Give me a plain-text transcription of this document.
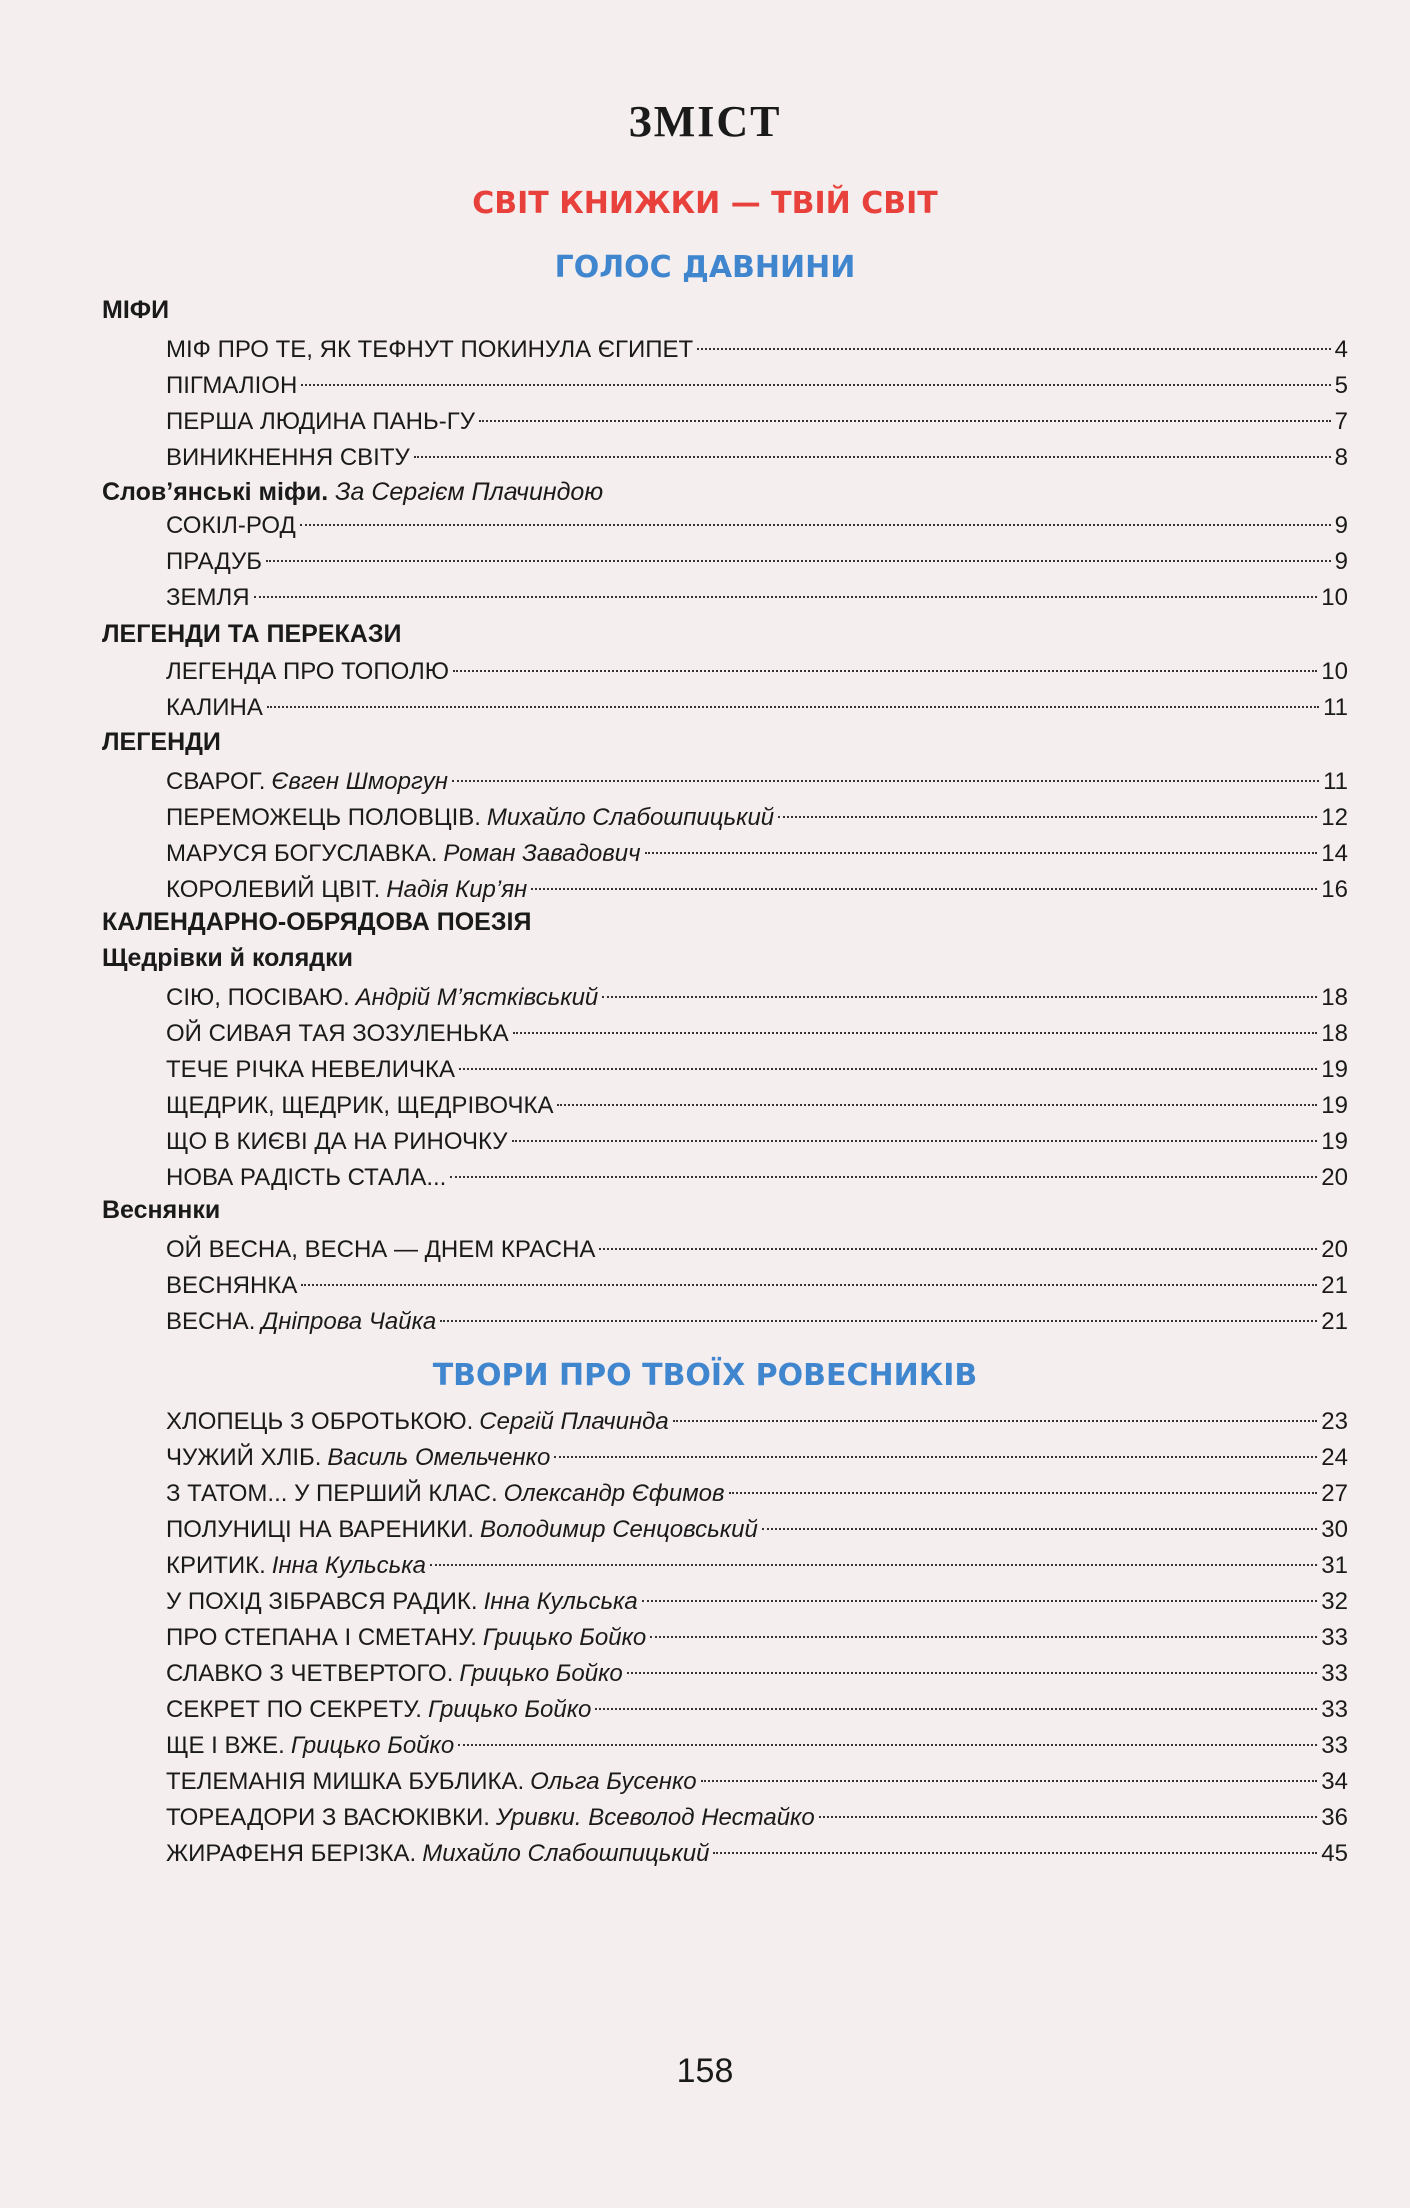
ЗМІСТ
СВІТ КНИЖКИ — ТВІЙ СВІТ
ГОЛОС ДАВНИНИ
МІФИ
МІФ ПРО ТЕ, ЯК ТЕФНУТ ПОКИНУЛА ЄГИПЕТ	4
ПІГМАЛІОН	5
ПЕРША ЛЮДИНА ПАНЬ-ГУ	7
ВИНИКНЕННЯ СВІТУ	8
Слов’янські міфи. За Сергієм Плачиндою
СОКІЛ-РОД	9
ПРАДУБ	9
ЗЕМЛЯ	10
ЛЕГЕНДИ ТА ПЕРЕКАЗИ
ЛЕГЕНДА ПРО ТОПОЛЮ	10
КАЛИНА	11
ЛЕГЕНДИ
СВАРОГ. Євген Шморгун	11
ПЕРЕМОЖЕЦЬ ПОЛОВЦІВ. Михайло Слабошпицький	12
МАРУСЯ БОГУСЛАВКА. Роман Завадович	14
КОРОЛЕВИЙ ЦВІТ. Надія Кир’ян	16
КАЛЕНДАРНО-ОБРЯДОВА ПОЕЗІЯ
Щедрівки й колядки
СІЮ, ПОСІВАЮ. Андрій М’ястківський	18
ОЙ СИВАЯ ТАЯ ЗОЗУЛЕНЬКА	18
ТЕЧЕ РІЧКА НЕВЕЛИЧКА	19
ЩЕДРИК, ЩЕДРИК, ЩЕДРІВОЧКА	19
ЩО В КИЄВІ ДА НА РИНОЧКУ	19
НОВА РАДІСТЬ СТАЛА...	20
Веснянки
ОЙ ВЕСНА, ВЕСНА — ДНЕМ КРАСНА	20
ВЕСНЯНКА	21
ВЕСНА. Дніпрова Чайка	21
ТВОРИ ПРО ТВОЇХ РОВЕСНИКІВ
ХЛОПЕЦЬ З ОБРОТЬКОЮ. Сергій Плачинда	23
ЧУЖИЙ ХЛІБ. Василь Омельченко	24
З ТАТОМ... У ПЕРШИЙ КЛАС. Олександр Єфимов	27
ПОЛУНИЦІ НА ВАРЕНИКИ. Володимир Сенцовський	30
КРИТИК. Інна Кульська	31
У ПОХІД ЗІБРАВСЯ РАДИК. Інна Кульська	32
ПРО СТЕПАНА І СМЕТАНУ. Грицько Бойко	33
СЛАВКО З ЧЕТВЕРТОГО. Грицько Бойко	33
СЕКРЕТ ПО СЕКРЕТУ. Грицько Бойко	33
ЩЕ І ВЖЕ. Грицько Бойко	33
ТЕЛЕМАНІЯ МИШКА БУБЛИКА. Ольга Бусенко	34
ТОРЕАДОРИ З ВАСЮКІВКИ. Уривки. Всеволод Нестайко	36
ЖИРАФЕНЯ БЕРІЗКА. Михайло Слабошпицький	45
158
